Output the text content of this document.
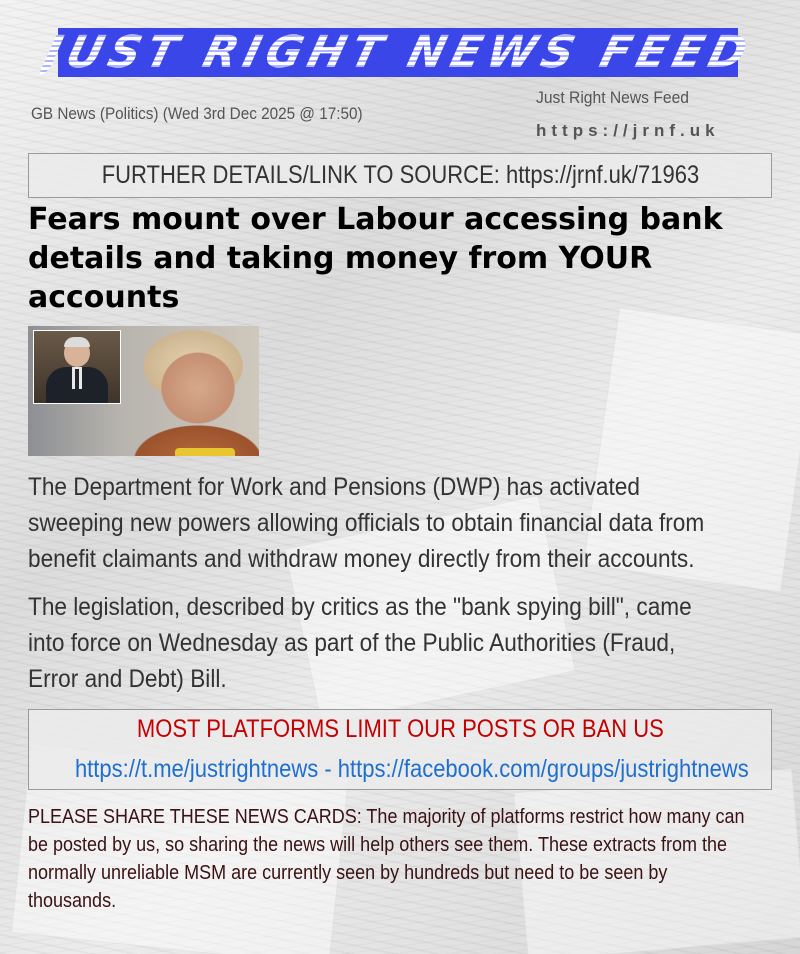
JUST RIGHT NEWS FEED
GB News (Politics) (Wed 3rd Dec 2025 @ 17:50)
Just Right News Feed
https://jrnf.uk
FURTHER DETAILS/LINK TO SOURCE: https://jrnf.uk/71963
Fears mount over Labour accessing bank details and taking money from YOUR accounts
The Department for Work and Pensions (DWP) has activated
sweeping new powers allowing officials to obtain financial data from
benefit claimants and withdraw money directly from their accounts.
The legislation, described by critics as the "bank spying bill", came
into force on Wednesday as part of the Public Authorities (Fraud,
Error and Debt) Bill.
MOST PLATFORMS LIMIT OUR POSTS OR BAN US
https://t.me/justrightnews - https://facebook.com/groups/justrightnews
PLEASE SHARE THESE NEWS CARDS: The majority of platforms restrict how many can
be posted by us, so sharing the news will help others see them. These extracts from the
normally unreliable MSM are currently seen by hundreds but need to be seen by
thousands.
